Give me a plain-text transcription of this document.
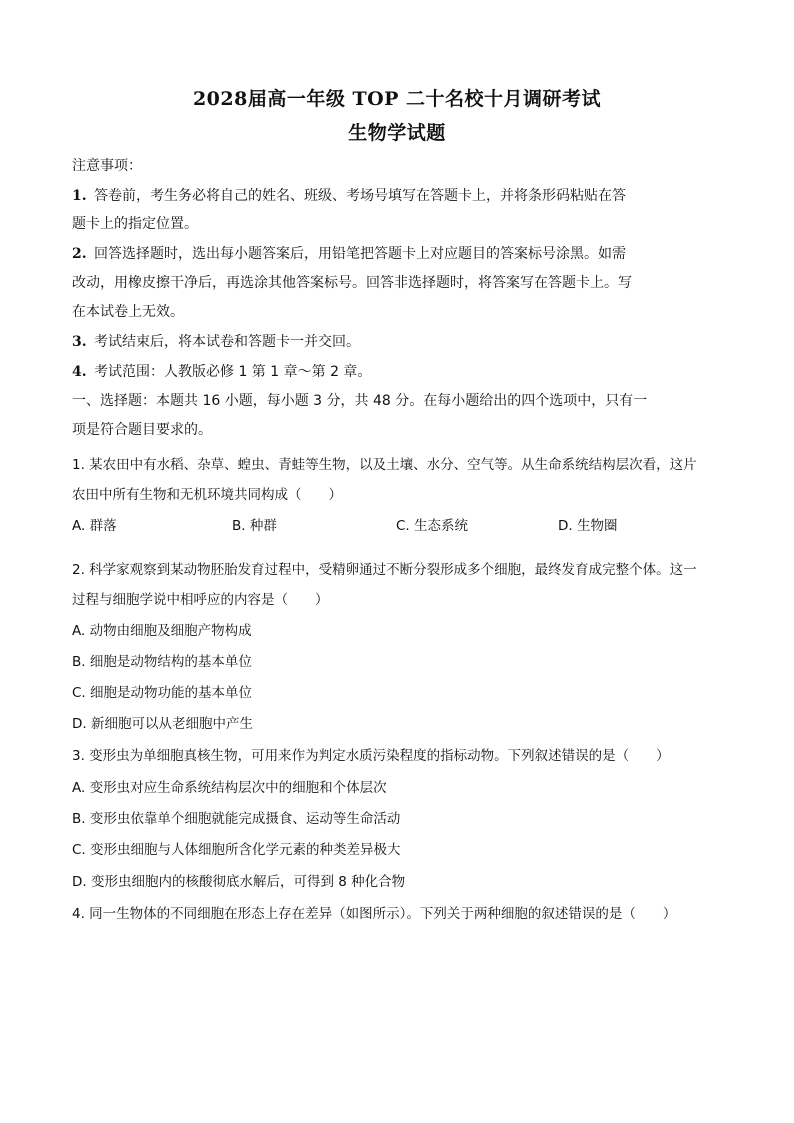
2028届高一年级 TOP 二十名校十月调研考试
生物学试题
注意事项：
1. 答卷前，考生务必将自己的姓名、班级、考场号填写在答题卡上，并将条形码粘贴在答
题卡上的指定位置。
2. 回答选择题时，选出每小题答案后，用铅笔把答题卡上对应题目的答案标号涂黑。如需
改动，用橡皮擦干净后，再选涂其他答案标号。回答非选择题时，将答案写在答题卡上。写
在本试卷上无效。
3. 考试结束后，将本试卷和答题卡一并交回。
4. 考试范围：人教版必修 1 第 1 章～第 2 章。
一、选择题：本题共 16 小题，每小题 3 分，共 48 分。在每小题给出的四个选项中，只有一
项是符合题目要求的。
1. 某农田中有水稻、杂草、蝗虫、青蛙等生物，以及土壤、水分、空气等。从生命系统结构层次看，这片
农田中所有生物和无机环境共同构成（　　）
A. 群落	B. 种群	C. 生态系统	D. 生物圈
2. 科学家观察到某动物胚胎发育过程中，受精卵通过不断分裂形成多个细胞，最终发育成完整个体。这一
过程与细胞学说中相呼应的内容是（　　）
A. 动物由细胞及细胞产物构成
B. 细胞是动物结构的基本单位
C. 细胞是动物功能的基本单位
D. 新细胞可以从老细胞中产生
3. 变形虫为单细胞真核生物，可用来作为判定水质污染程度的指标动物。下列叙述错误的是（　　）
A. 变形虫对应生命系统结构层次中的细胞和个体层次
B. 变形虫依靠单个细胞就能完成摄食、运动等生命活动
C. 变形虫细胞与人体细胞所含化学元素的种类差异极大
D. 变形虫细胞内的核酸彻底水解后，可得到 8 种化合物
4. 同一生物体的不同细胞在形态上存在差异（如图所示）。下列关于两种细胞的叙述错误的是（　　）
